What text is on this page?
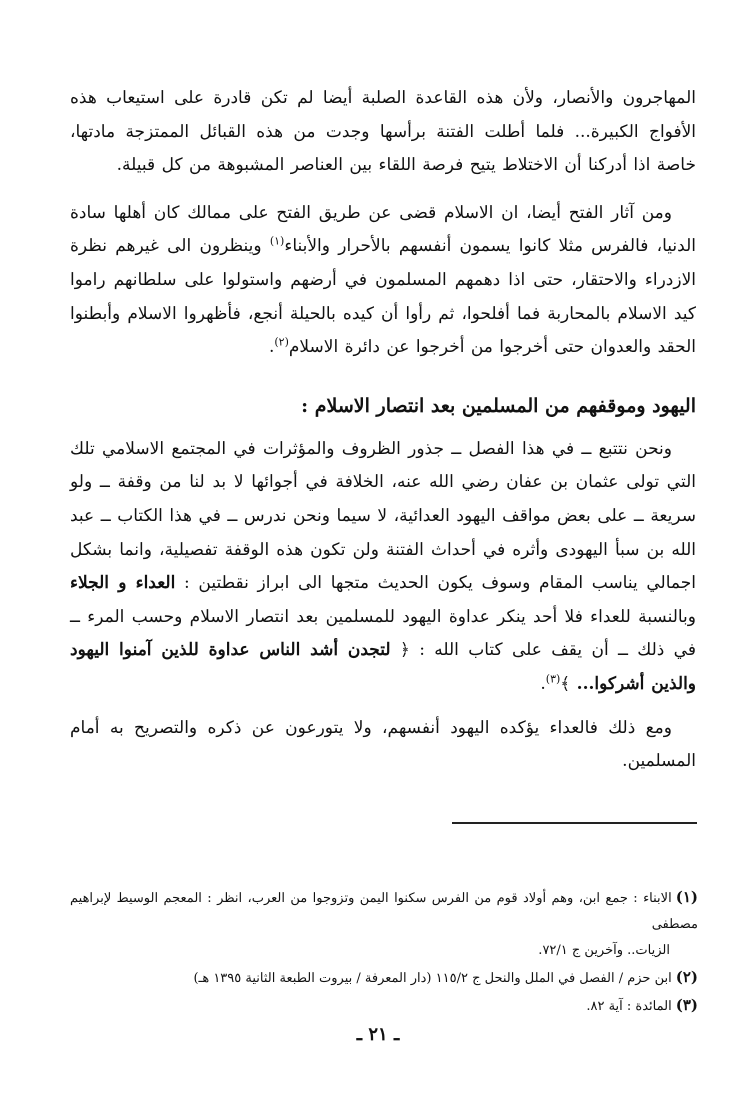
المهاجرون والأنصار، ولأن هذه القاعدة الصلبة أيضا لم تكن قادرة على استيعاب هذه الأفواج الكبيرة... فلما أطلت الفتنة برأسها وجدت من هذه القبائل الممتزجة مادتها، خاصة اذا أدركنا أن الاختلاط يتيح فرصة اللقاء بين العناصر المشبوهة من كل قبيلة.

ومن آثار الفتح أيضا، ان الاسلام قضى عن طريق الفتح على ممالك كان أهلها سادة الدنيا، فالفرس مثلا كانوا يسمون أنفسهم بالأحرار والأبناء$^{(١)}$ وينظرون الى غيرهم نظرة الازدراء والاحتقار، حتى اذا دهمهم المسلمون في أرضهم واستولوا على سلطانهم راموا كيد الاسلام بالمحاربة فما أفلحوا، ثم رأوا أن كيده بالحيلة أنجع، فأظهروا الاسلام وأبطنوا الحقد والعدوان حتى أخرجوا من أخرجوا عن دائرة الاسلام$^{(٢)}$.

اليهود وموقفهم من المسلمين بعد انتصار الاسلام :

ونحن نتتبع ــ في هذا الفصل ــ جذور الظروف والمؤثرات في المجتمع الاسلامي تلك التي تولى عثمان بن عفان رضي الله عنه، الخلافة في أجوائها لا بد لنا من وقفة ــ ولو سريعة ــ على بعض مواقف اليهود العدائية، لا سيما ونحن ندرس ــ في هذا الكتاب ــ عبد الله بن سبأ اليهودى وأثره في أحداث الفتنة ولن تكون هذه الوقفة تفصيلية، وانما بشكل اجمالي يناسب المقام وسوف يكون الحديث متجها الى ابراز نقطتين : العداء و الجلاء وبالنسبة للعداء فلا أحد ينكر عداوة اليهود للمسلمين بعد انتصار الاسلام وحسب المرء ــ في ذلك ــ أن يقف على كتاب الله : ﴿ لتجدن أشد الناس عداوة للذين آمنوا اليهود والذين أشركوا... ﴾$^{(٣)}$.

ومع ذلك فالعداء يؤكده اليهود أنفسهم، ولا يتورعون عن ذكره والتصريح به أمام المسلمين.

(١)الابناء : جمع ابن، وهم أولاد قوم من الفرس سكنوا اليمن وتزوجوا من العرب، انظر : المعجم الوسيط لإبراهيم مصطفى

الزيات.. وآخرين ج ٧٢/١.

(٢)ابن حزم / الفصل في الملل والنحل ج ١١٥/٢ (دار المعرفة / بيروت الطبعة الثانية ١٣٩٥ هـ)

(٣)المائدة : آية ٨٢.

ـ ٢١ ـ
